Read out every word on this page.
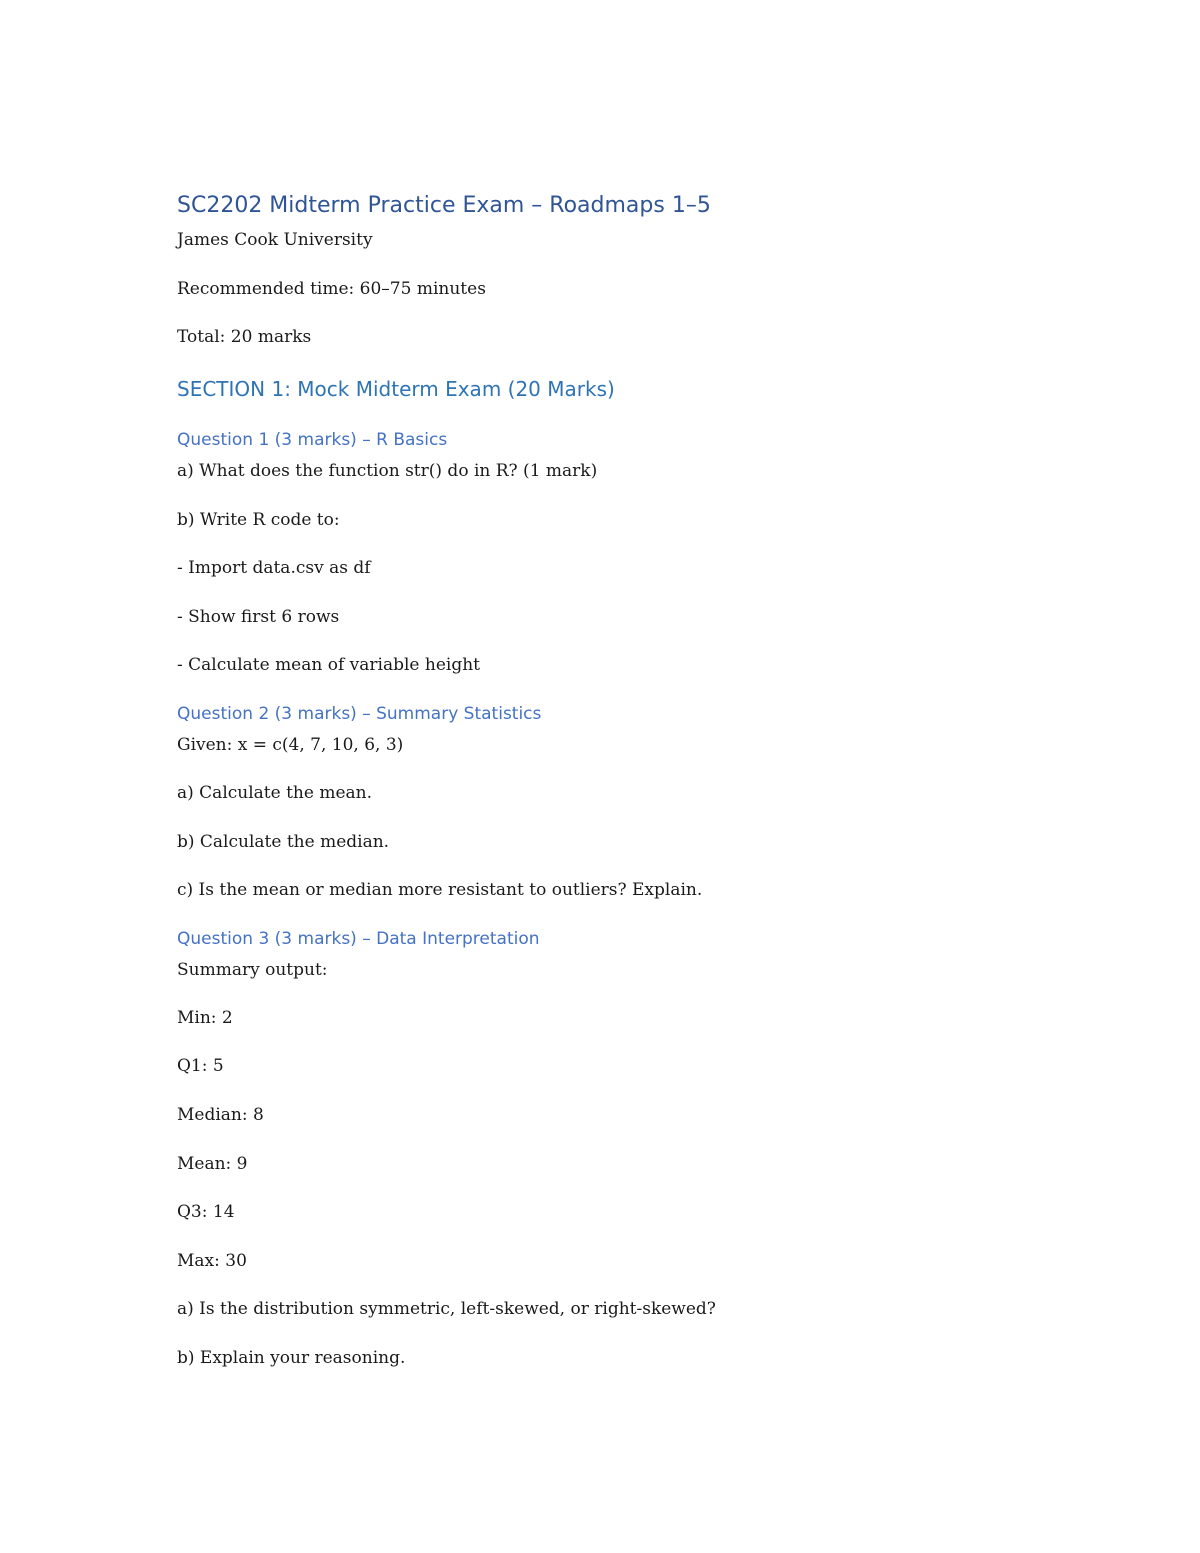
SC2202 Midterm Practice Exam – Roadmaps 1–5
James Cook University
Recommended time: 60–75 minutes
Total: 20 marks
SECTION 1: Mock Midterm Exam (20 Marks)
Question 1 (3 marks) – R Basics
a) What does the function str() do in R? (1 mark)
b) Write R code to:
- Import data.csv as df
- Show first 6 rows
- Calculate mean of variable height
Question 2 (3 marks) – Summary Statistics
Given: x = c(4, 7, 10, 6, 3)
a) Calculate the mean.
b) Calculate the median.
c) Is the mean or median more resistant to outliers? Explain.
Question 3 (3 marks) – Data Interpretation
Summary output:
Min: 2
Q1: 5
Median: 8
Mean: 9
Q3: 14
Max: 30
a) Is the distribution symmetric, left-skewed, or right-skewed?
b) Explain your reasoning.
